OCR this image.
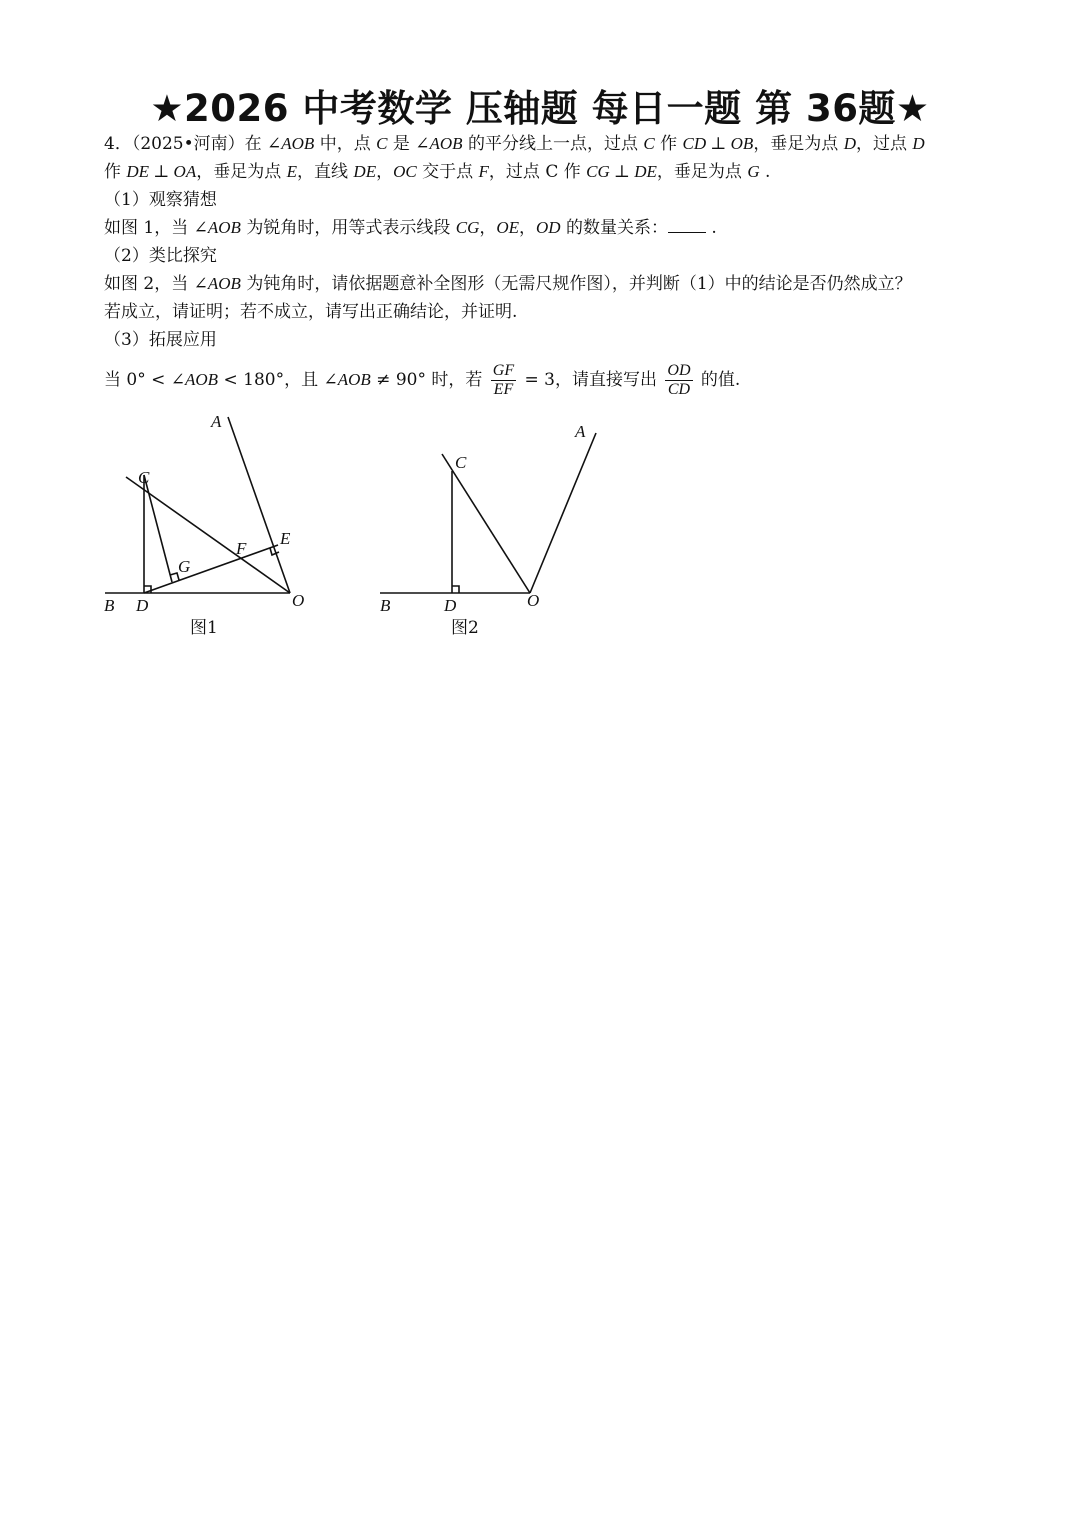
★2026 中考数学 压轴题 每日一题 第 36题★

4．（2025•河南）在 ∠AOB 中，点 C 是 ∠AOB 的平分线上一点，过点 C 作 CD ⊥ OB，垂足为点 D，过点 D

作 DE ⊥ OA，垂足为点 E，直线 DE，OC 交于点 F，过点 C 作 CG ⊥ DE，垂足为点 G .

（1）观察猜想

如图 1，当 ∠AOB 为锐角时，用等式表示线段 CG，OE，OD 的数量关系： .

（2）类比探究

如图 2，当 ∠AOB 为钝角时，请依据题意补全图形（无需尺规作图），并判断（1）中的结论是否仍然成立？

若成立，请证明；若不成立，请写出正确结论，并证明.

（3）拓展应用

当 0° < ∠AOB < 180°，且 ∠AOB ≠ 90° 时，若 $\frac{GF}{EF} = 3$，请直接写出 $\frac{OD}{CD}$ 的值.

A
B
C
D
E
F
G
O
图1
A
B
C
D	O
图2
